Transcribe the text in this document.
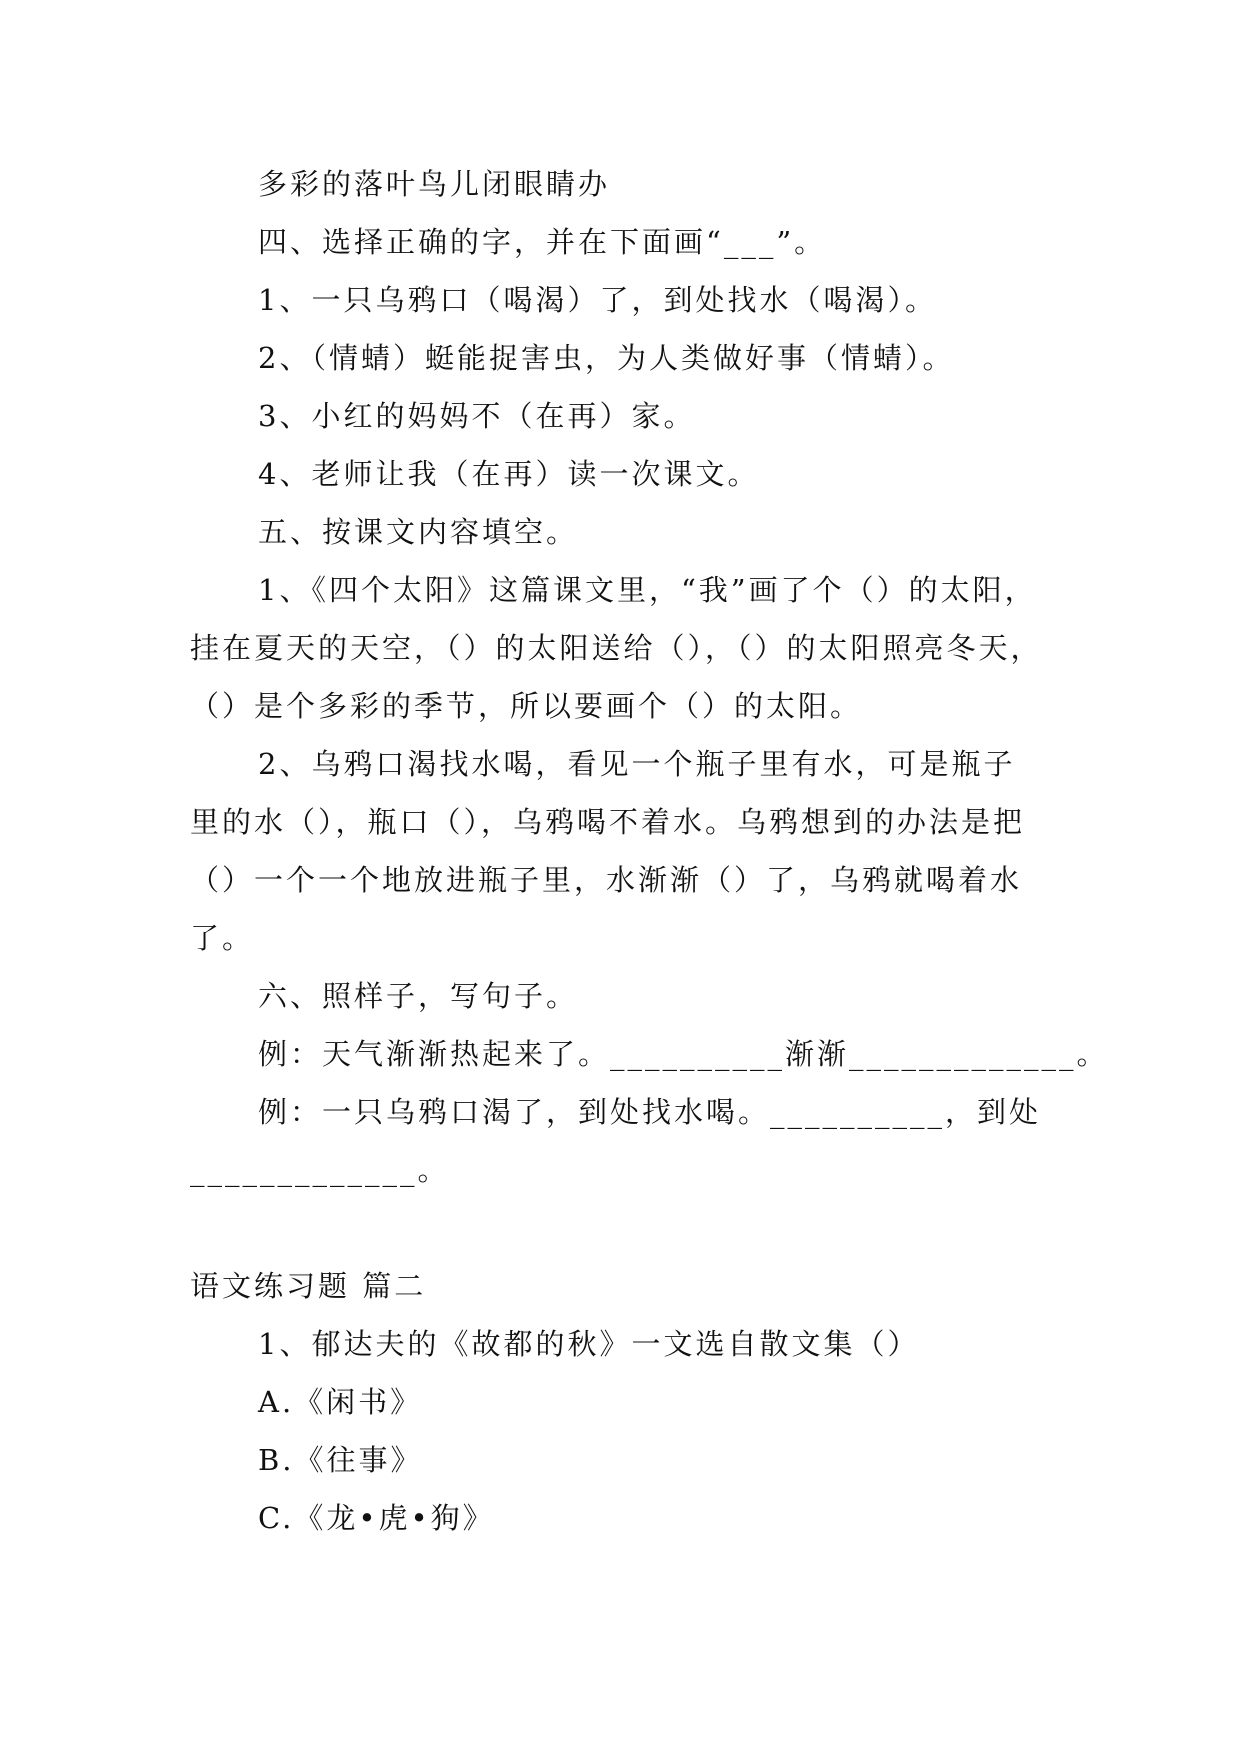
多彩的落叶鸟儿闭眼睛办
四、选择正确的字，并在下面画“___”。
1、一只乌鸦口（喝渴）了，到处找水（喝渴）。
2、（情蜻）蜓能捉害虫，为人类做好事（情蜻）。
3、小红的妈妈不（在再）家。
4、老师让我（在再）读一次课文。
五、按课文内容填空。
1、《四个太阳》这篇课文里，“我”画了个（）的太阳，
挂在夏天的天空，（）的太阳送给（），（）的太阳照亮冬天，
（）是个多彩的季节，所以要画个（）的太阳。
2、乌鸦口渴找水喝，看见一个瓶子里有水，可是瓶子
里的水（），瓶口（），乌鸦喝不着水。乌鸦想到的办法是把
（）一个一个地放进瓶子里，水渐渐（）了，乌鸦就喝着水
了。
六、照样子，写句子。
例：天气渐渐热起来了。__________渐渐_____________。
例：一只乌鸦口渴了，到处找水喝。__________，到处
_____________。
语文练习题 篇二
1、郁达夫的《故都的秋》一文选自散文集（）
A.《闲书》
B.《往事》
C.《龙•虎•狗》
